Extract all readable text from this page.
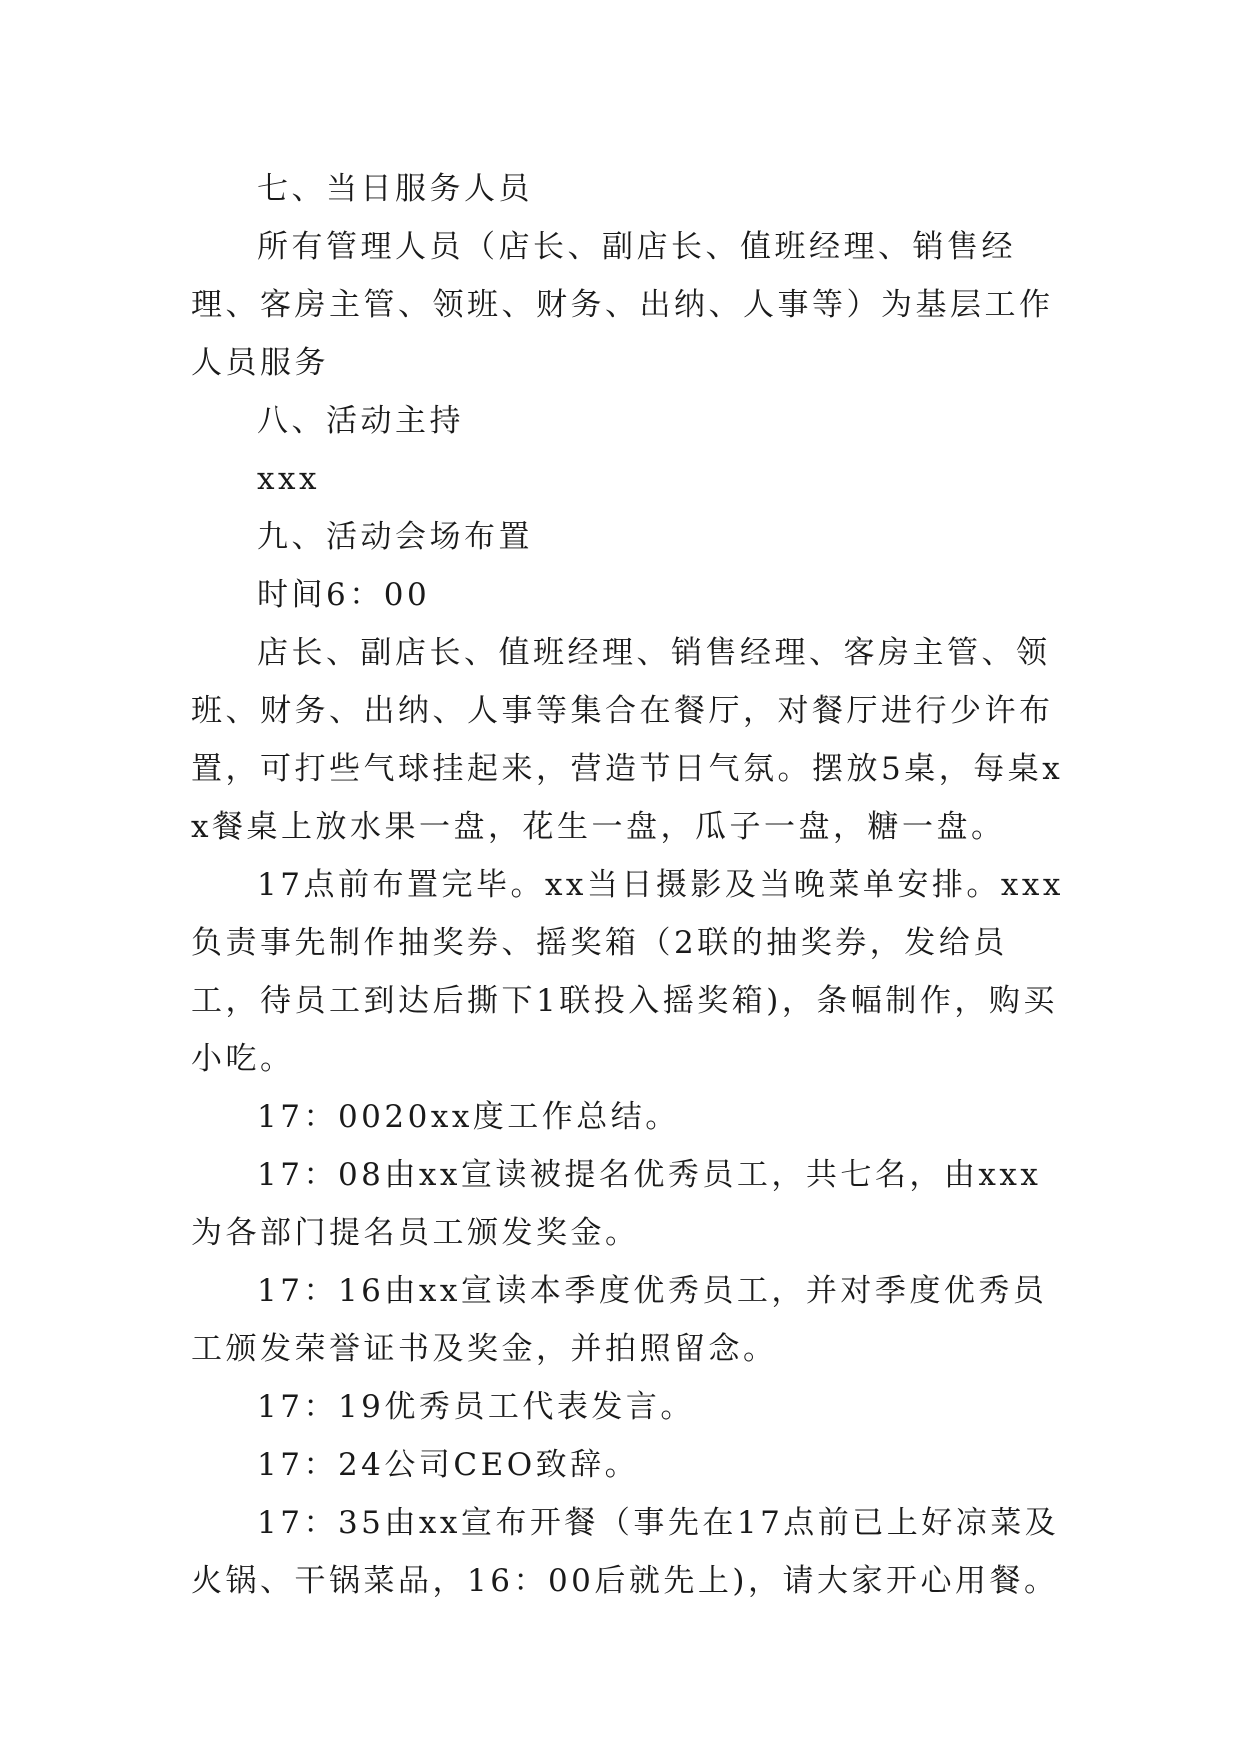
七、当日服务人员

所有管理人员（店长、副店长、值班经理、销售经理、客房主管、领班、财务、出纳、人事等）为基层工作人员服务

八、活动主持

xxx

九、活动会场布置

时间6：00

店长、副店长、值班经理、销售经理、客房主管、领班、财务、出纳、人事等集合在餐厅，对餐厅进行少许布置，可打些气球挂起来，营造节日气氛。摆放5桌，每桌xx餐桌上放水果一盘，花生一盘，瓜子一盘，糖一盘。

17点前布置完毕。xx当日摄影及当晚菜单安排。xxx负责事先制作抽奖券、摇奖箱（2联的抽奖券，发给员工，待员工到达后撕下1联投入摇奖箱)，条幅制作，购买小吃。

17：0020xx度工作总结。

17：08由xx宣读被提名优秀员工，共七名，由xxx为各部门提名员工颁发奖金。

17：16由xx宣读本季度优秀员工，并对季度优秀员工颁发荣誉证书及奖金，并拍照留念。

17：19优秀员工代表发言。

17：24公司CEO致辞。

17：35由xx宣布开餐（事先在17点前已上好凉菜及火锅、干锅菜品，16：00后就先上)，请大家开心用餐。
